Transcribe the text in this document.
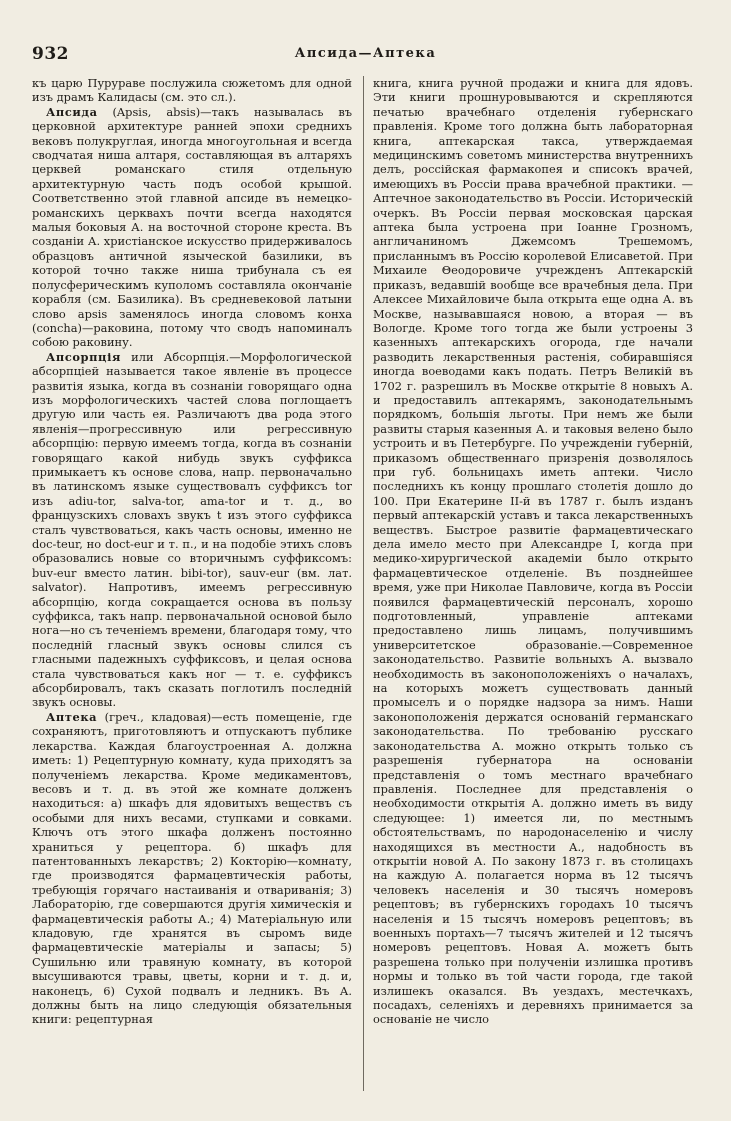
932	Апсида—Аптека

къ царю Пурураве послужила сюжетомъ для одной изъ драмъ Калидасы (см. это сл.).

Апсида (Apsis, absis)—такъ называлась въ церковной архитектуре ранней эпохи среднихъ вековъ полукруглая, иногда многоугольная и всегда сводчатая ниша алтаря, составляющая въ алтаряхъ церквей романскаго стиля отдельную архитектурную часть подъ особой крышой. Соответственно этой главной апсиде въ немецко-романскихъ церквахъ почти всегда находятся малыя боковыя А. на восточной стороне креста. Въ созданіи А. христіанское искусство придерживалось образцовъ античной языческой базилики, въ которой точно также ниша трибунала съ ея полусферическимъ куполомъ составляла окончаніе корабля (см. Базилика). Въ средневековой латыни слово apsis заменялось иногда словомъ конха (concha)—раковина, потому что сводъ напоминалъ собою раковину.

Апсорпція или Абсорпція.—Морфологической абсорпціей называется такое явленіе въ процессе развитія языка, когда въ сознаніи говорящаго одна изъ морфологическихъ частей слова поглощаетъ другую или часть ея. Различаютъ два рода этого явленія—прогрессивную или регрессивную абсорпцію: первую имеемъ тогда, когда въ сознаніи говорящаго какой нибудь звукъ суффикса примыкаетъ къ основе слова, напр. первоначально въ латинскомъ языке существовалъ суффиксъ tor изъ adiu-tor, salva-tor, ama-tor и т. д., во французскихъ словахъ звукъ t изъ этого суффикса сталъ чувствоваться, какъ часть основы, именно не doc-teur, но doct-eur и т. п., и на подобіе этихъ словъ образовались новые со вторичнымъ суффиксомъ: buv-eur вместо латин. bibi-tor), sauv-eur (вм. лат. salvator). Напротивъ, имеемъ регрессивную абсорпцію, когда сокращается основа въ пользу суффикса, такъ напр. первоначальной основой было нога—но съ теченіемъ времени, благодаря тому, что последній гласный звукъ основы слился съ гласными падежныхъ суффиксовъ, и целая основа стала чувствоваться какъ ног — т. е. суффиксъ абсорбировалъ, такъ сказать поглотилъ последній звукъ основы.

Аптека (греч., кладовая)—есть помещеніе, где сохраняютъ, приготовляютъ и отпускаютъ публике лекарства. Каждая благоустроенная А. должна иметь: 1) Рецептурную комнату, куда приходятъ за полученіемъ лекарства. Кроме медикаментовъ, весовъ и т. д. въ этой же комнате долженъ находиться: а) шкафъ для ядовитыхъ веществъ съ особыми для нихъ весами, ступками и совками. Ключъ отъ этого шкафа долженъ постоянно храниться у рецептора. б) шкафъ для патентованныхъ лекарствъ; 2) Кокторію—комнату, где производятся фармацевтическія работы, требующія горячаго настаиванія и отвариванія; 3) Лабораторію, где совершаются другія химическія и фармацевтическія работы А.; 4) Матеріальную или кладовую, где хранятся въ сыромъ виде фармацевтическіе матеріалы и запасы; 5) Сушильню или травяную комнату, въ которой высушиваются травы, цветы, корни и т. д. и, наконецъ, 6) Сухой подвалъ и ледникъ. Въ А. должны быть на лицо следующія обязательныя книги: рецептурная

книга, книга ручной продажи и книга для ядовъ. Эти книги прошнуровываются и скрепляются печатью врачебнаго отделенія губернскаго правленія. Кроме того должна быть лабораторная книга, аптекарская такса, утверждаемая медицинскимъ советомъ министерства внутреннихъ делъ, россійская фармакопея и списокъ врачей, имеющихъ въ Россіи права врачебной практики. — Аптечное законодательство въ Россіи. Историческій очеркъ. Въ Россіи первая московская царская аптека была устроена при Іоанне Грозномъ, англичаниномъ Джемсомъ Трешемомъ, присланнымъ въ Россію королевой Елисаветой. При Михаиле Θеодоровиче учрежденъ Аптекарскій приказъ, ведавшій вообще все врачебныя дела. При Алексее Михайловиче была открыта еще одна А. въ Москве, называвшаяся новою, а вторая — въ Вологде. Кроме того тогда же были устроены 3 казенныхъ аптекарскихъ огорода, где начали разводить лекарственныя растенія, собиравшіяся иногда воеводами какъ подать. Петръ Великій въ 1702 г. разрешилъ въ Москве открытіе 8 новыхъ А. и предоставилъ аптекарямъ, законодательнымъ порядкомъ, большія льготы. При немъ же были развиты старыя казенныя А. и таковыя велено было устроить и въ Петербурге. По учрежденіи губерній, приказомъ общественнаго призренія дозволялось при губ. больницахъ иметь аптеки. Число последнихъ къ концу прошлаго столетія дошло до 100. При Екатерине II-й въ 1787 г. былъ изданъ первый аптекарскій уставъ и такса лекарственныхъ веществъ. Быстрое развитіе фармацевтическаго дела имело место при Александре I, когда при медико-хирургической академіи было открыто фармацевтическое отделеніе. Въ позднейшее время, уже при Николае Павловиче, когда въ Россіи появился фармацевтическій персоналъ, хорошо подготовленный, управленіе аптеками предоставлено лишь лицамъ, получившимъ университетское образованіе.—Современное законодательство. Развитіе вольныхъ А. вызвало необходимость въ законоположеніяхъ о началахъ, на которыхъ можетъ существовать данный промыселъ и о порядке надзора за нимъ. Наши законоположенія держатся основаній германскаго законодательства. По требованію русскаго законодательства А. можно открыть только съ разрешенія губернатора на основаніи представленія о томъ местнаго врачебнаго правленія. Последнее для представленія о необходимости открытія А. должно иметь въ виду следующее: 1) имеется ли, по местнымъ обстоятельствамъ, по народонаселенію и числу находящихся въ местности А., надобность въ открытіи новой А. По закону 1873 г. въ столицахъ на каждую А. полагается норма въ 12 тысячъ человекъ населенія и 30 тысячъ номеровъ рецептовъ; въ губернскихъ городахъ 10 тысячъ населенія и 15 тысячъ номеровъ рецептовъ; въ военныхъ портахъ—7 тысячъ жителей и 12 тысячъ номеровъ рецептовъ. Новая А. можетъ быть разрешена только при полученіи излишка противъ нормы и только въ той части города, где такой излишекъ оказался. Въ уездахъ, местечкахъ, посадахъ, селеніяхъ и деревняхъ принимается за основаніе не число
